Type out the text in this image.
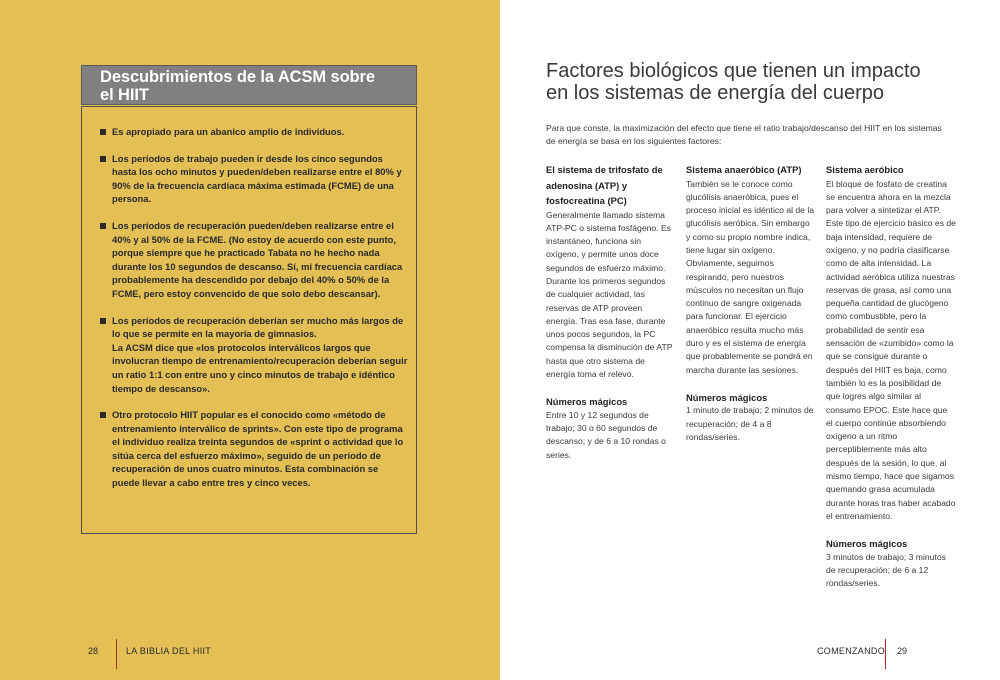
Descubrimientos de la ACSM sobre
el HIIT
Es apropiado para un abanico amplio de individuos.
Los períodos de trabajo pueden ir desde los cinco segundos hasta los ocho minutos y pueden/deben realizarse entre el 80% y 90% de la frecuencia cardíaca máxima estimada (FCME) de una persona.
Los períodos de recuperación pueden/deben realizarse entre el 40% y al 50% de la FCME. (No estoy de acuerdo con este punto, porque siempre que he practicado Tabata no he hecho nada durante los 10 segundos de descanso. Sí, mi frecuencia cardíaca probablemente ha descendido por debajo del 40% o 50% de la FCME, pero estoy convencido de que solo debo descansar).
Los períodos de recuperación deberían ser mucho más largos de lo que se permite en la mayoría de gimnasios.
La ACSM dice que «los protocolos interválicos largos que involucran tiempo de entrenamiento/recuperación deberían seguir un ratio 1:1 con entre uno y cinco minutos de trabajo e idéntico tiempo de descanso».
Otro protocolo HIIT popular es el conocido como «método de entrenamiento interválico de sprints». Con este tipo de programa el individuo realiza treinta segundos de «sprint o actividad que lo sitúa cerca del esfuerzo máximo», seguido de un período de recuperación de unos cuatro minutos. Esta combinación se puede llevar a cabo entre tres y cinco veces.
28	LA BIBLIA DEL HIIT
Factores biológicos que tienen un impacto
en los sistemas de energía del cuerpo

Para que conste, la maximización del efecto que tiene el ratio trabajo/descanso del HIIT en los sistemas de energía se basa en los siguientes factores:

El sistema de trifosfato de adenosina (ATP) y fosfocreatina (PC)
Generalmente llamado sistema ATP-PC o sistema fosfágeno. Es instantáneo, funciona sin oxígeno, y permite unos doce segundos de esfuerzo máximo. Durante los primeros segundos de cualquier actividad, las reservas de ATP proveen energía. Tras esa fase, durante unos pocos segundos, la PC compensa la disminución de ATP hasta que otro sistema de energía toma el relevo.
Números mágicos
Entre 10 y 12 segundos de trabajo; 30 o 60 segundos de descanso; y de 6 a 10 rondas o series.
Sistema anaeróbico (ATP)
También se le conoce como glucólisis anaeróbica, pues el proceso inicial es idéntico al de la glucólisis aeróbica. Sin embargo y como su propio nombre indica, tiene lugar sin oxígeno. Obviamente, seguimos respirando, pero nuestros músculos no necesitan un flujo continuo de sangre oxigenada para funcionar. El ejercicio anaeróbico resulta mucho más duro y es el sistema de energía que probablemente se pondrá en marcha durante las sesiones.
Números mágicos
1 minuto de trabajo; 2 minutos de recuperación; de 4 a 8 rondas/series.
Sistema aeróbico
El bloque de fosfato de creatina se encuentra ahora en la mezcla para volver a sintetizar el ATP. Este tipo de ejercicio básico es de baja intensidad, requiere de oxígeno, y no podría clasificarse como de alta intensidad. La actividad aeróbica utiliza nuestras reservas de grasa, así como una pequeña cantidad de glucógeno como combustible, pero la probabilidad de sentir esa sensación de «zumbido» como la que se consigue durante o después del HIIT es baja, como también lo es la posibilidad de que logres algo similar al consumo EPOC. Este hace que el cuerpo continúe absorbiendo oxígeno a un ritmo perceptiblemente más alto después de la sesión, lo que, al mismo tiempo, hace que sigamos quemando grasa acumulada durante horas tras haber acabado el entrenamiento.
Números mágicos
3 minutos de trabajo; 3 minutos de recuperación; de 6 a 12 rondas/series.
COMENZANDO 29
